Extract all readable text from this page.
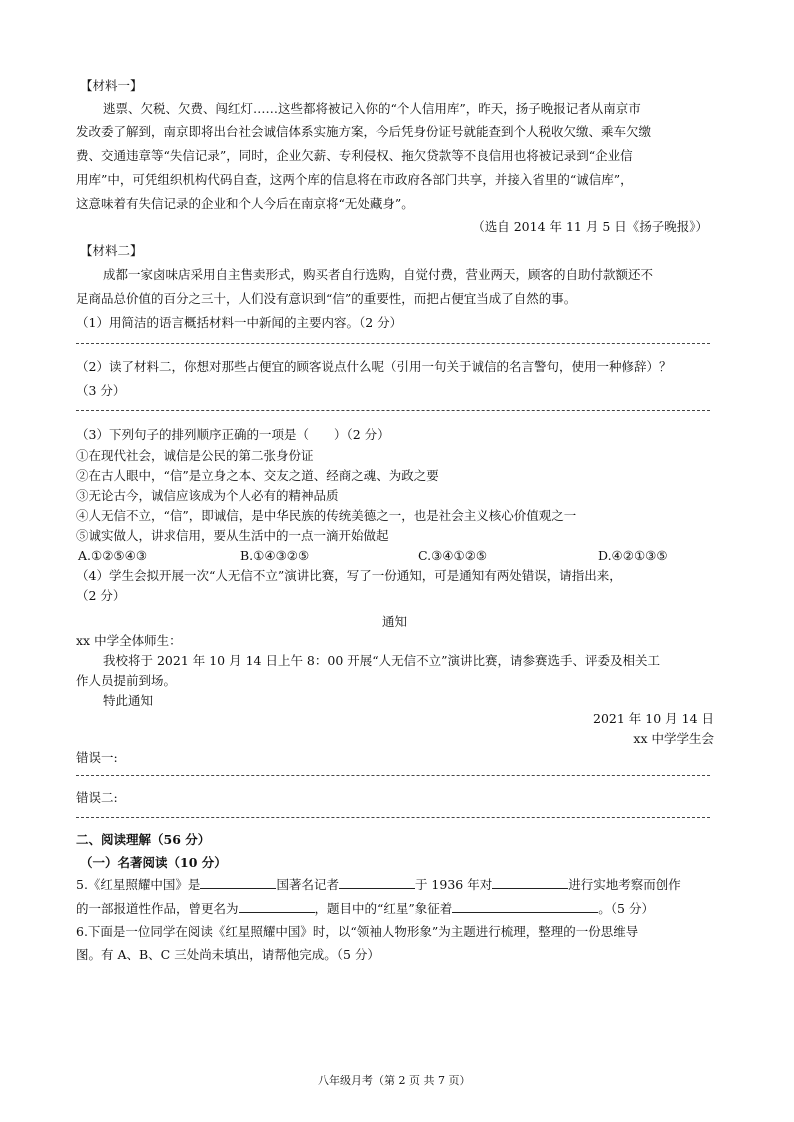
【材料一】

逃票、欠税、欠费、闯红灯……这些都将被记入你的“个人信用库”，昨天，扬子晚报记者从南京市

发改委了解到，南京即将出台社会诚信体系实施方案，今后凭身份证号就能查到个人税收欠缴、乘车欠缴

费、交通违章等“失信记录”，同时，企业欠薪、专利侵权、拖欠贷款等不良信用也将被记录到“企业信

用库”中，可凭组织机构代码自查，这两个库的信息将在市政府各部门共享，并接入省里的“诚信库”，

这意味着有失信记录的企业和个人今后在南京将“无处藏身”。

（选自 2014 年 11 月 5 日《扬子晚报》）

【材料二】

成都一家卤味店采用自主售卖形式，购买者自行选购，自觉付费，营业两天，顾客的自助付款额还不

足商品总价值的百分之三十，人们没有意识到“信”的重要性，而把占便宜当成了自然的事。

（1）用简洁的语言概括材料一中新闻的主要内容。（2 分）

（2）读了材料二，你想对那些占便宜的顾客说点什么呢（引用一句关于诚信的名言警句，使用一种修辞）？

（3 分）

（3）下列句子的排列顺序正确的一项是（　　）（2 分）

①在现代社会，诚信是公民的第二张身份证

②在古人眼中，“信”是立身之本、交友之道、经商之魂、为政之要

③无论古今，诚信应该成为个人必有的精神品质

④人无信不立，“信”，即诚信，是中华民族的传统美德之一，也是社会主义核心价值观之一

⑤诚实做人，讲求信用，要从生活中的一点一滴开始做起

A.①②⑤④③	B.①④③②⑤	C.③④①②⑤	D.④②①③⑤

（4）学生会拟开展一次“人无信不立”演讲比赛，写了一份通知，可是通知有两处错误，请指出来，

（2 分）

通知

xx 中学全体师生：

我校将于 2021 年 10 月 14 日上午 8：00 开展“人无信不立”演讲比赛，请参赛选手、评委及相关工

作人员提前到场。

特此通知

2021 年 10 月 14 日

xx 中学学生会

错误一:

错误二:

二、阅读理解（56 分）

（一）名著阅读（10 分）

5.《红星照耀中国》是	国著名记者	于 1936 年对	进行实地考察而创作

的一部报道性作品，曾更名为	，题目中的“红星”象征着	。（5 分）

6.下面是一位同学在阅读《红星照耀中国》时，以“领袖人物形象”为主题进行梳理，整理的一份思维导

图。有 A、B、C 三处尚未填出，请帮他完成。（5 分）

八年级月考（第 2 页 共 7 页）
